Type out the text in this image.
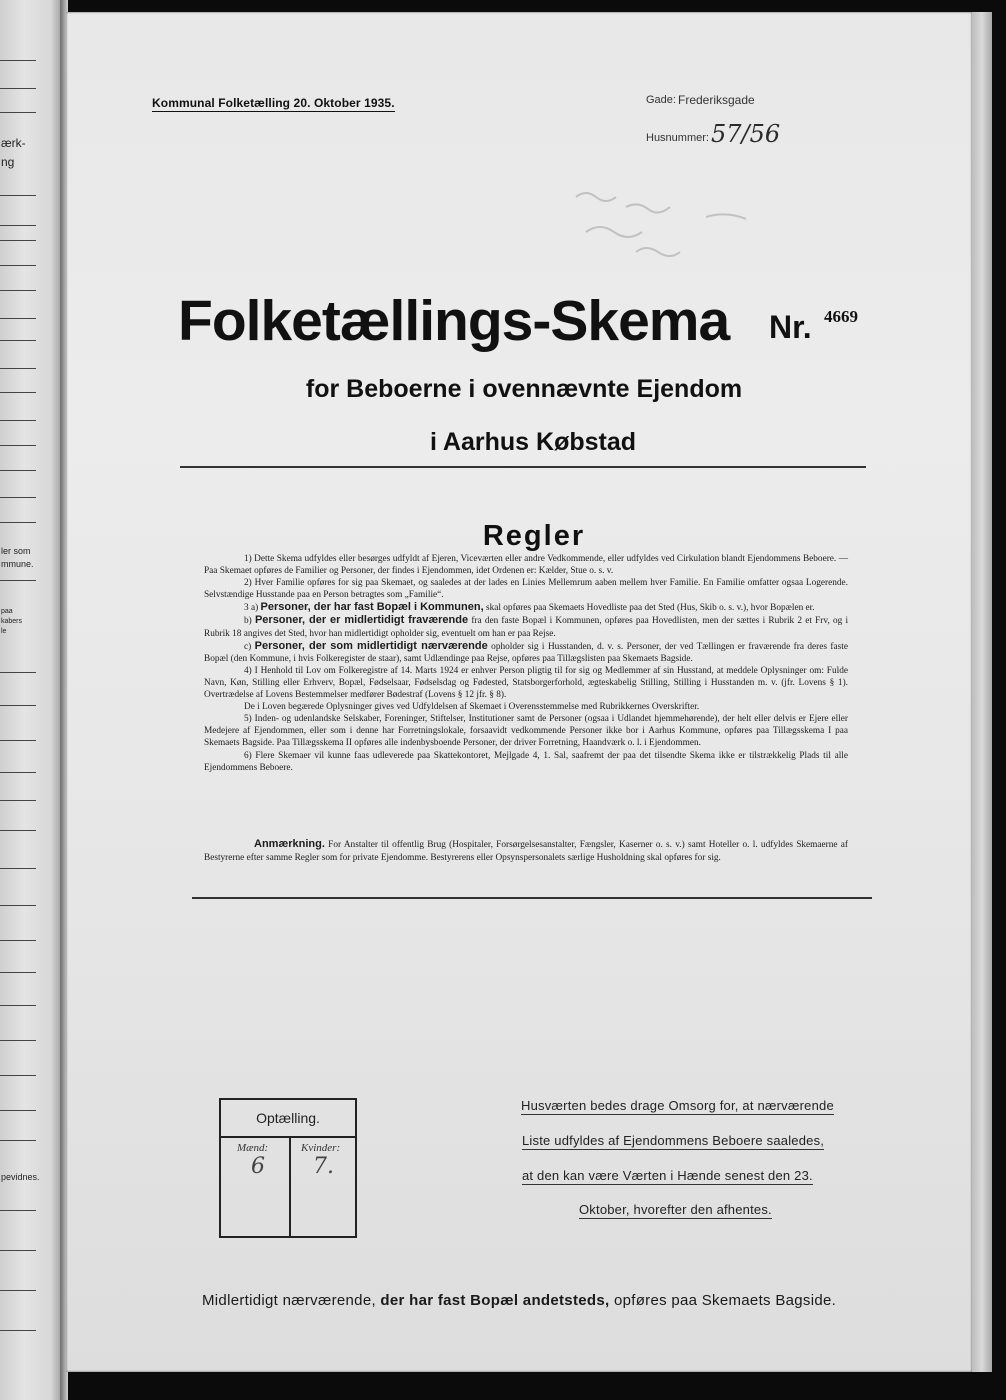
ærk-
ng
ler som
mmune.
paa
kabers
le
pevidnes.
Kommunal Folketælling 20. Oktober 1935.	Gade: Frederiksgade
Husnummer: 57/56
Folketællings-Skema Nr. 4669
for Beboerne i ovennævnte Ejendom
i Aarhus Købstad
Regler

1) Dette Skema udfyldes eller besørges udfyldt af Ejeren, Viceværten eller andre Vedkommende, eller udfyldes ved Cirkulation blandt Ejendommens Beboere. — Paa Skemaet opføres de Familier og Personer, der findes i Ejendommen, idet Ordenen er: Kælder, Stue o. s. v.

2) Hver Familie opføres for sig paa Skemaet, og saaledes at der lades en Linies Mellemrum aaben mellem hver Familie. En Familie omfatter ogsaa Logerende. Selvstændige Husstande paa en Person betragtes som „Familie“.

3 a) Personer, der har fast Bopæl i Kommunen, skal opføres paa Skemaets Hovedliste paa det Sted (Hus, Skib o. s. v.), hvor Bopælen er.

b) Personer, der er midlertidigt fraværende fra den faste Bopæl i Kommunen, opføres paa Hovedlisten, men der sættes i Rubrik 2 et Frv, og i Rubrik 18 angives det Sted, hvor han midlertidigt opholder sig, eventuelt om han er paa Rejse.

c) Personer, der som midlertidigt nærværende opholder sig i Husstanden, d. v. s. Personer, der ved Tællingen er fraværende fra deres faste Bopæl (den Kommune, i hvis Folkeregister de staar), samt Udlændinge paa Rejse, opføres paa Tillægslisten paa Skemaets Bagside.

4) I Henhold til Lov om Folkeregistre af 14. Marts 1924 er enhver Person pligtig til for sig og Medlemmer af sin Husstand, at meddele Oplysninger om: Fulde Navn, Køn, Stilling eller Erhverv, Bopæl, Fødselsaar, Fødselsdag og Fødested, Statsborgerforhold, ægteskabelig Stilling, Stilling i Husstanden m. v. (jfr. Lovens § 1). Overtrædelse af Lovens Bestemmelser medfører Bødestraf (Lovens § 12 jfr. § 8).

De i Loven begærede Oplysninger gives ved Udfyldelsen af Skemaet i Overensstemmelse med Rubrikkernes Overskrifter.

5) Inden- og udenlandske Selskaber, Foreninger, Stiftelser, Institutioner samt de Personer (ogsaa i Udlandet hjemmehørende), der helt eller delvis er Ejere eller Medejere af Ejendommen, eller som i denne har Forretningslokale, forsaavidt vedkommende Personer ikke bor i Aarhus Kommune, opføres paa Tillægsskema I paa Skemaets Bagside. Paa Tillægsskema II opføres alle indenbysboende Personer, der driver Forretning, Haandværk o. l. i Ejendommen.

6) Flere Skemaer vil kunne faas udleverede paa Skattekontoret, Mejlgade 4, 1. Sal, saafremt der paa det tilsendte Skema ikke er tilstrækkelig Plads til alle Ejendommens Beboere.

Anmærkning. For Anstalter til offentlig Brug (Hospitaler, Forsørgelsesanstalter, Fængsler, Kaserner o. s. v.) samt Hoteller o. l. udfyldes Skemaerne af Bestyrerne efter samme Regler som for private Ejendomme. Bestyrerens eller Opsynspersonalets særlige Husholdning skal opføres for sig.
Optælling.
Mænd:	Kvinder:
6 7.
Husværten bedes drage Omsorg for, at nærværende
Liste udfyldes af Ejendommens Beboere saaledes,
at den kan være Værten i Hænde senest den 23.
Oktober, hvorefter den afhentes.
Midlertidigt nærværende, der har fast Bopæl andetsteds, opføres paa Skemaets Bagside.
